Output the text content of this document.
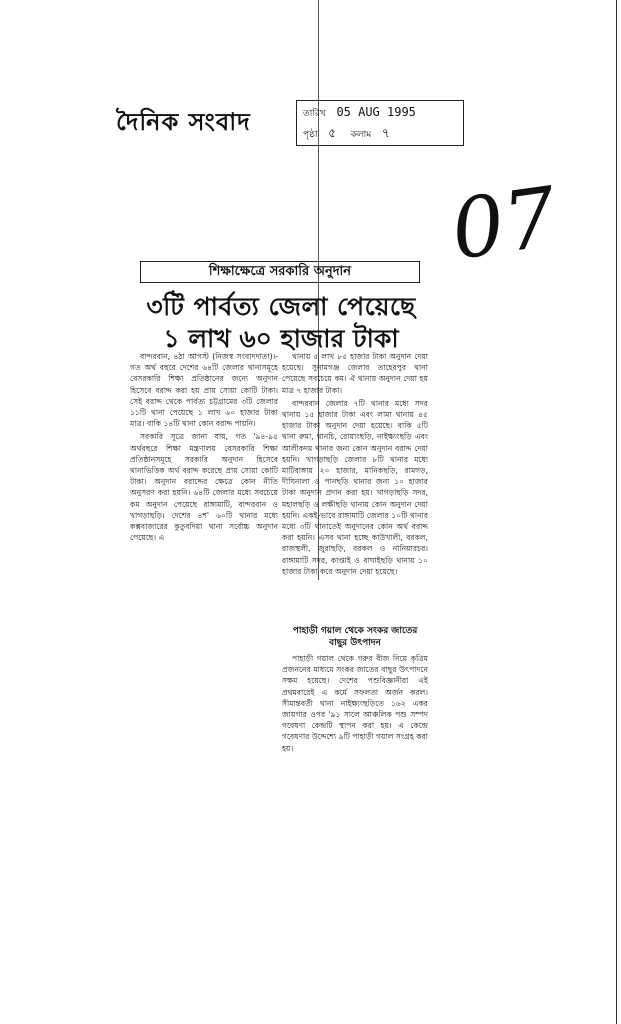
দৈনিক সংবাদ	তারিখ 05 AUG 1995
পৃষ্ঠা ৫ কলাম ৭
07
শিক্ষাক্ষেত্রে সরকারি অনুদান
৩টি পার্বত্য জেলা পেয়েছে
১ লাখ ৬০ হাজার টাকা

বান্দরবান, ৪ঠা আগস্ট (নিজস্ব সংবাদদাতা)।- গত অর্থ বছরে দেশের ৬৪টি জেলার থানাসমূহে বেসরকারি শিক্ষা প্রতিষ্ঠানের জন্যে অনুদান হিসেবে বরাদ্দ করা হয় প্রায় সোয়া কোটি টাকা। সেই বরাদ্দ থেকে পার্বত্য চট্টগ্রামের ৩টি জেলার ১১টি থানা পেয়েছে ১ লাখ ৬০ হাজার টাকা মাত্র। বাকি ১৪টি থানা কোন বরাদ্দ পায়নি।

সরকারি সূত্রে জানা যায়, গত '৯৪-৯৫ অর্থবছরে শিক্ষা মন্ত্রণালয় বেসরকারি শিক্ষা প্রতিষ্ঠানসমূহে সরকারি অনুদান হিসেবে থানাভিত্তিক অর্থ বরাদ্দ করেছে প্রায় সোয়া কোটি টাকা। অনুদান বরাদ্দের ক্ষেত্রে কোন নীতি অনুসরণ করা হয়নি। ৬৪টি জেলার মধ্যে সবচেয়ে কম অনুদান পেয়েছে রাঙ্গামাটি, বান্দরবান ও খাগড়াছড়ি। দেশের ৪শ' ৬০টি থানার মধ্যে কক্সবাজারের কুতুবদিয়া থানা সর্বোচ্চ অনুদান পেয়েছে। এ

থানায় ৫ লাখ ৮৫ হাজার টাকা অনুদান দেয়া হয়েছে। সুনামগঞ্জ জেলার তাহেরপুর থানা পেয়েছে সবচেয়ে কম। ঐ থানায় অনুদান দেয়া হয় মাত্র ৭ হাজার টাকা।

বান্দরবান জেলার ৭টি থানার মধ্যে সদর থানায় ১৫ হাজার টাকা এবং লামা থানায় ৪৫ হাজার টাকা অনুদান দেয়া হয়েছে। বাকি ৫টি থানা রুমা, থানচি, রোয়াংছড়ি, নাইক্ষ্যংছড়ি এবং আলীকদম থানার জন্য কোন অনুদান বরাদ্দ দেয়া হয়নি। খাগড়াছড়ি জেলার ৮টি থানার মধ্যে মাটিরাঙ্গায় ২০ হাজার, মানিকছড়ি, রামগড়, দীঘিনালা ও পানছড়ি থানার জন্য ১০ হাজার টাকা অনুদান প্রদান করা হয়। খাগড়াছড়ি সদর, মহালছড়ি ও লক্ষীছড়ি থানায় কোন অনুদান দেয়া হয়নি। একই-ভাবে রাঙ্গামাটি জেলার ১০টি থানার মধ্যে ৩টি থানাতেই অনুদানের কোন অর্থ বরাদ্দ করা হয়নি। এসব থানা হচ্ছে কাউখালী, বরকল, রাজস্থলী, জুরাছড়ি, বরকল ও নানিয়ারচর। রাঙ্গামাটি সদর, কাপ্তাই ও বাঘাইছড়ি থানায় ১০ হাজার টাকা করে অনুদান দেয়া হয়েছে।

পাহাড়ী গয়াল থেকে সংকর জাতের বাছুর উৎপাদন

পাহাড়ী গয়াল থেকে গরুর বীজ নিয়ে কৃত্রিম প্রজননের মাধ্যমে সংকর জাতের বাছুর উৎপাদনে সক্ষম হয়েছে। দেশের পশুবিজ্ঞানীরা এই প্রথমবারেই এ কর্মে সফলতা অর্জন করল। সীমান্তবর্তী থানা নাইক্ষ্যংছড়িতে ১৬২ একর জায়গার ওপর '৯১ সালে আঞ্চলিক পশু সম্পদ গবেষণা কেন্দ্রটি স্থাপন করা হয়। এ কেন্দ্রে গবেষণার উদ্দেশ্যে ৯টি পাহাড়ী গয়াল সংগ্রহ করা হয়।
